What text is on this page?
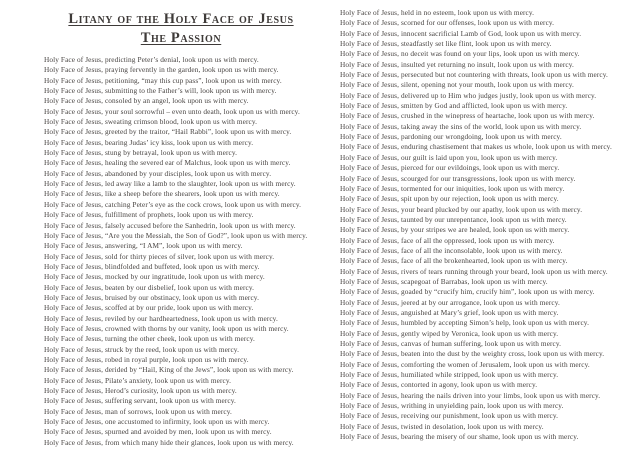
Litany of the Holy Face of Jesus
The Passion

Holy Face of Jesus, predicting Peter’s denial, look upon us with mercy.

Holy Face of Jesus, praying fervently in the garden, look upon us with mercy.

Holy Face of Jesus, petitioning, “may this cup pass”, look upon us with mercy.

Holy Face of Jesus, submitting to the Father’s will, look upon us with mercy.

Holy Face of Jesus, consoled by an angel, look upon us with mercy.

Holy Face of Jesus, your soul sorrowful – even unto death, look upon us with mercy.

Holy Face of Jesus, sweating crimson blood, look upon us with mercy.

Holy Face of Jesus, greeted by the traitor, “Hail Rabbi”, look upon us with mercy.

Holy Face of Jesus, bearing Judas’ icy kiss, look upon us with mercy.

Holy Face of Jesus, stung by betrayal, look upon us with mercy.

Holy Face of Jesus, healing the severed ear of Malchus, look upon us with mercy.

Holy Face of Jesus, abandoned by your disciples, look upon us with mercy.

Holy Face of Jesus, led away like a lamb to the slaughter, look upon us with mercy.

Holy Face of Jesus, like a sheep before the shearers, look upon us with mercy.

Holy Face of Jesus, catching Peter’s eye as the cock crows, look upon us with mercy.

Holy Face of Jesus, fulfillment of prophets, look upon us with mercy.

Holy Face of Jesus, falsely accused before the Sanhedrin, look upon us with mercy.

Holy Face of Jesus, “Are you the Messiah, the Son of God?”, look upon us with mercy.

Holy Face of Jesus, answering, “I AM”, look upon us with mercy.

Holy Face of Jesus, sold for thirty pieces of silver, look upon us with mercy.

Holy Face of Jesus, blindfolded and buffeted, look upon us with mercy.

Holy Face of Jesus, mocked by our ingratitude, look upon us with mercy.

Holy Face of Jesus, beaten by our disbelief, look upon us with mercy.

Holy Face of Jesus, bruised by our obstinacy, look upon us with mercy.

Holy Face of Jesus, scoffed at by our pride, look upon us with mercy.

Holy Face of Jesus, reviled by our hardheartedness, look upon us with mercy.

Holy Face of Jesus, crowned with thorns by our vanity, look upon us with mercy.

Holy Face of Jesus, turning the other cheek, look upon us with mercy.

Holy Face of Jesus, struck by the reed, look upon us with mercy.

Holy Face of Jesus, robed in royal purple, look upon us with mercy.

Holy Face of Jesus, derided by “Hail, King of the Jews”, look upon us with mercy.

Holy Face of Jesus, Pilate’s anxiety, look upon us with mercy.

Holy Face of Jesus, Herod’s curiosity, look upon us with mercy.

Holy Face of Jesus, suffering servant, look upon us with mercy.

Holy Face of Jesus, man of sorrows, look upon us with mercy.

Holy Face of Jesus, one accustomed to infirmity, look upon us with mercy.

Holy Face of Jesus, spurned and avoided by men, look upon us with mercy.

Holy Face of Jesus, from which many hide their glances, look upon us with mercy.

Holy Face of Jesus, held in no esteem, look upon us with mercy.

Holy Face of Jesus, scorned for our offenses, look upon us with mercy.

Holy Face of Jesus, innocent sacrificial Lamb of God, look upon us with mercy.

Holy Face of Jesus, steadfastly set like flint, look upon us with mercy.

Holy Face of Jesus, no deceit was found on your lips, look upon us with mercy.

Holy Face of Jesus, insulted yet returning no insult, look upon us with mercy.

Holy Face of Jesus, persecuted but not countering with threats, look upon us with mercy.

Holy Face of Jesus, silent, opening not your mouth, look upon us with mercy.

Holy Face of Jesus, delivered up to Him who judges justly, look upon us with mercy.

Holy Face of Jesus, smitten by God and afflicted, look upon us with mercy.

Holy Face of Jesus, crushed in the winepress of heartache, look upon us with mercy.

Holy Face of Jesus, taking away the sins of the world, look upon us with mercy.

Holy Face of Jesus, pardoning our wrongdoing, look upon us with mercy.

Holy Face of Jesus, enduring chastisement that makes us whole, look upon us with mercy.

Holy Face of Jesus, our guilt is laid upon you, look upon us with mercy.

Holy Face of Jesus, pierced for our evildoings, look upon us with mercy.

Holy Face of Jesus, scourged for our transgressions, look upon us with mercy.

Holy Face of Jesus, tormented for our iniquities, look upon us with mercy.

Holy Face of Jesus, spit upon by our rejection, look upon us with mercy.

Holy Face of Jesus, your beard plucked by our apathy, look upon us with mercy.

Holy Face of Jesus, taunted by our unrepentance, look upon us with mercy.

Holy Face of Jesus, by your stripes we are healed, look upon us with mercy.

Holy Face of Jesus, face of all the oppressed, look upon us with mercy.

Holy Face of Jesus, face of all the inconsolable, look upon us with mercy.

Holy Face of Jesus, face of all the brokenhearted, look upon us with mercy.

Holy Face of Jesus, rivers of tears running through your beard, look upon us with mercy.

Holy Face of Jesus, scapegoat of Barrabas, look upon us with mercy.

Holy Face of Jesus, goaded by “crucify him, crucify him”, look upon us with mercy.

Holy Face of Jesus, jeered at by our arrogance, look upon us with mercy.

Holy Face of Jesus, anguished at Mary’s grief, look upon us with mercy.

Holy Face of Jesus, humbled by accepting Simon’s help, look upon us with mercy.

Holy Face of Jesus, gently wiped by Veronica, look upon us with mercy.

Holy Face of Jesus, canvas of human suffering, look upon us with mercy.

Holy Face of Jesus, beaten into the dust by the weighty cross, look upon us with mercy.

Holy Face of Jesus, comforting the women of Jerusalem, look upon us with mercy.

Holy Face of Jesus, humiliated while stripped, look upon us with mercy.

Holy Face of Jesus, contorted in agony, look upon us with mercy.

Holy Face of Jesus, hearing the nails driven into your limbs, look upon us with mercy.

Holy Face of Jesus, writhing in unyielding pain, look upon us with mercy.

Holy Face of Jesus, receiving our punishment, look upon us with mercy.

Holy Face of Jesus, twisted in desolation, look upon us with mercy.

Holy Face of Jesus, bearing the misery of our shame, look upon us with mercy.
